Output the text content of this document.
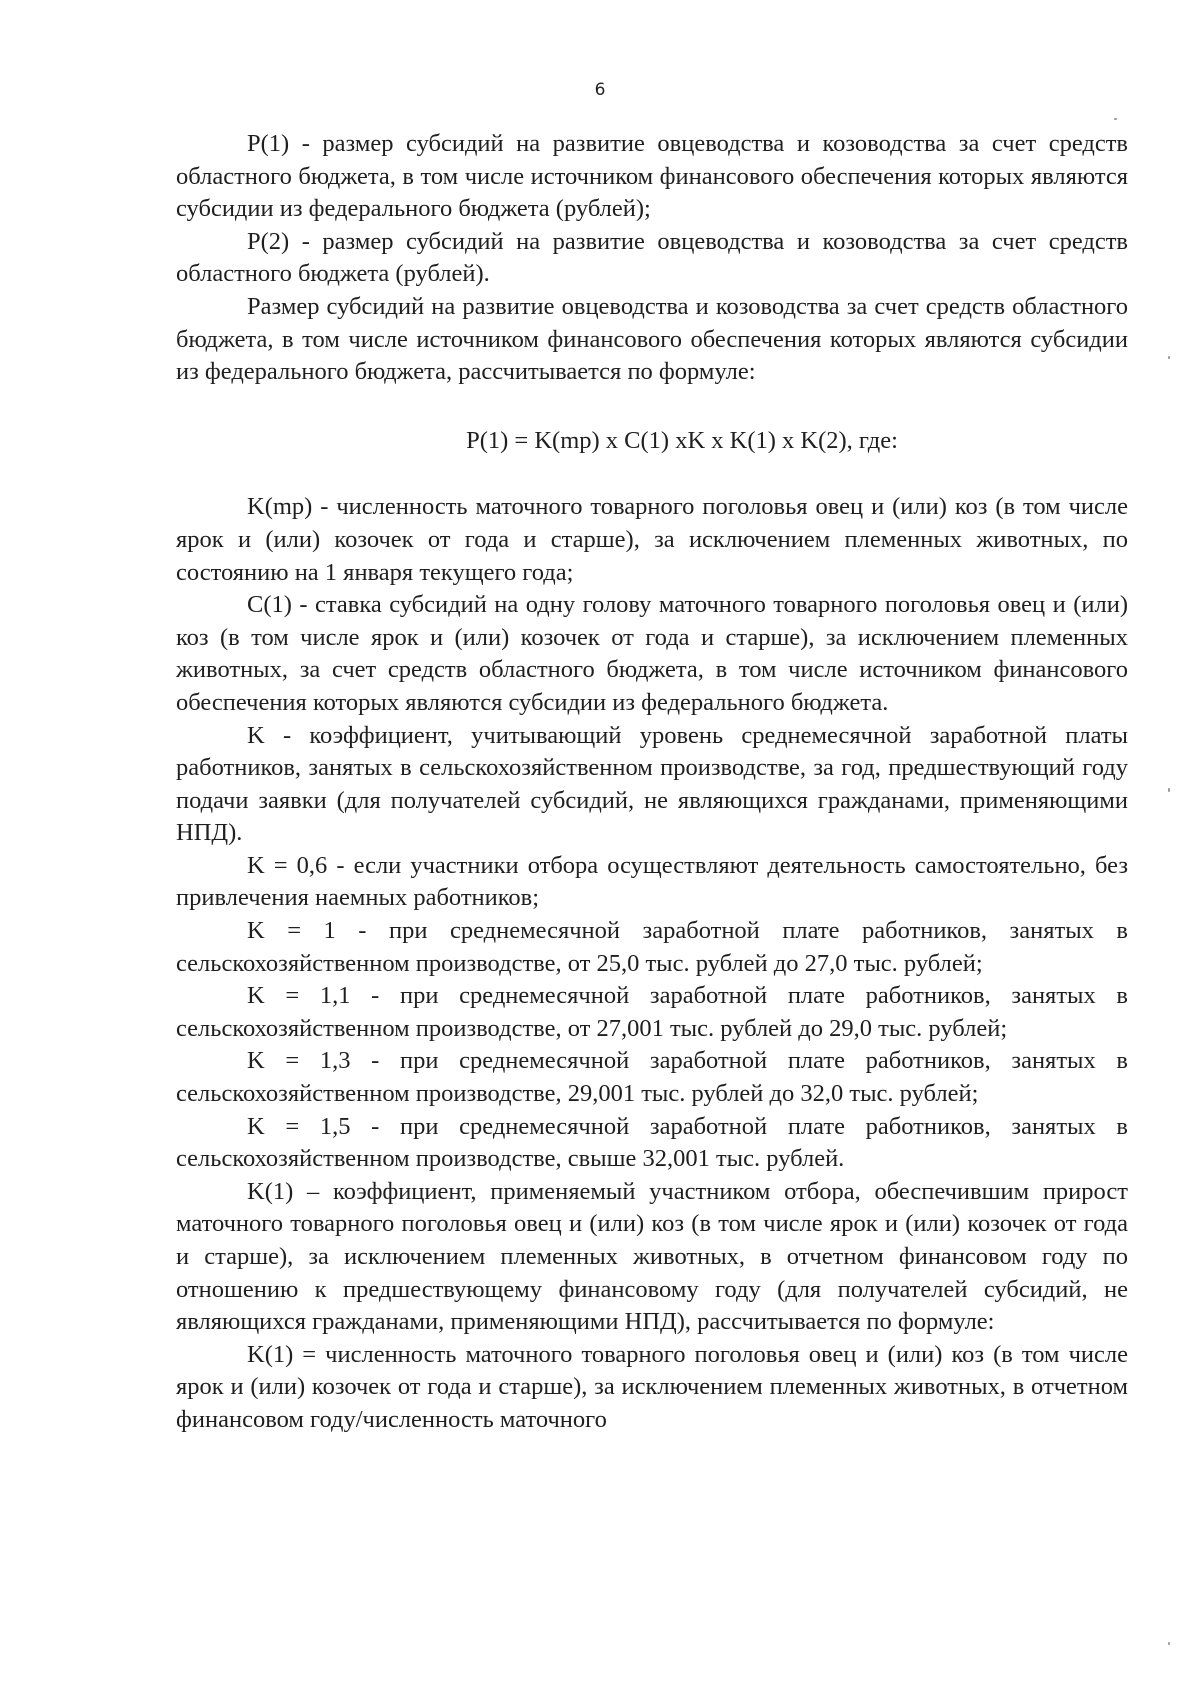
6

P(1) - размер субсидий на развитие овцеводства и козоводства за счет средств областного бюджета, в том числе источником финансового обеспечения которых являются субсидии из федерального бюджета (рублей);

P(2) - размер субсидий на развитие овцеводства и козоводства за счет средств областного бюджета (рублей).

Размер субсидий на развитие овцеводства и козоводства за счет средств областного бюджета, в том числе источником финансового обеспечения которых являются субсидии из федерального бюджета, рассчитывается по формуле:

P(1) = K(mp) x C(1) xK x K(1) x K(2), где:

K(mp) - численность маточного товарного поголовья овец и (или) коз (в том числе ярок и (или) козочек от года и старше), за исключением племенных животных, по состоянию на 1 января текущего года;

C(1) - ставка субсидий на одну голову маточного товарного поголовья овец и (или) коз (в том числе ярок и (или) козочек от года и старше), за исключением племенных животных, за счет средств областного бюджета, в том числе источником финансового обеспечения которых являются субсидии из федерального бюджета.

K - коэффициент, учитывающий уровень среднемесячной заработной платы работников, занятых в сельскохозяйственном производстве, за год, предшествующий году подачи заявки (для получателей субсидий, не являющихся гражданами, применяющими НПД).

K = 0,6 - если участники отбора осуществляют деятельность самостоятельно, без привлечения наемных работников;

K = 1 - при среднемесячной заработной плате работников, занятых в сельскохозяйственном производстве, от 25,0 тыс. рублей до 27,0 тыс. рублей;

K = 1,1 - при среднемесячной заработной плате работников, занятых в сельскохозяйственном производстве, от 27,001 тыс. рублей до 29,0 тыс. рублей;

K = 1,3 - при среднемесячной заработной плате работников, занятых в сельскохозяйственном производстве, 29,001 тыс. рублей до 32,0 тыс. рублей;

K = 1,5 - при среднемесячной заработной плате работников, занятых в сельскохозяйственном производстве, свыше 32,001 тыс. рублей.

K(1) – коэффициент, применяемый участником отбора, обеспечившим прирост маточного товарного поголовья овец и (или) коз (в том числе ярок и (или) козочек от года и старше), за исключением племенных животных, в отчетном финансовом году по отношению к предшествующему финансовому году (для получателей субсидий, не являющихся гражданами, применяющими НПД), рассчитывается по формуле:

K(1) = численность маточного товарного поголовья овец и (или) коз (в том числе ярок и (или) козочек от года и старше), за исключением племенных животных, в отчетном финансовом году/численность маточного
